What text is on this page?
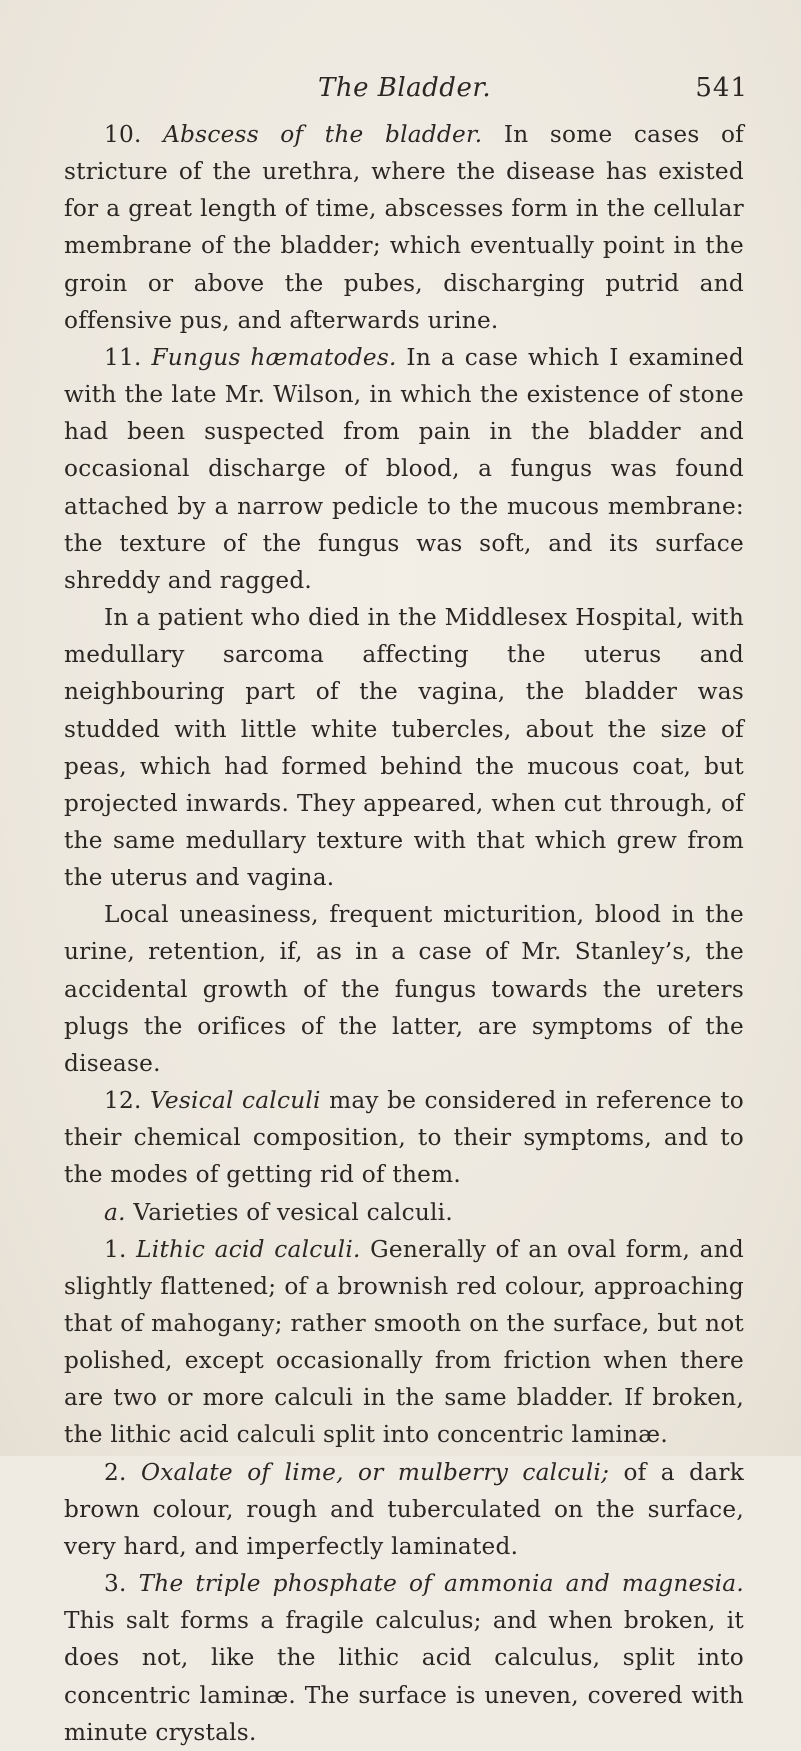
The Bladder.	541

10. Abscess of the bladder. In some cases of stricture of the urethra, where the disease has existed for a great length of time, abscesses form in the cellular membrane of the bladder; which eventually point in the groin or above the pubes, discharging putrid and offensive pus, and afterwards urine.

11. Fungus hæmatodes. In a case which I examined with the late Mr. Wilson, in which the existence of stone had been suspected from pain in the bladder and occasional discharge of blood, a fungus was found attached by a narrow pedicle to the mucous membrane: the texture of the fungus was soft, and its surface shreddy and ragged.

In a patient who died in the Middlesex Hospital, with medullary sarcoma affecting the uterus and neighbouring part of the vagina, the bladder was studded with little white tubercles, about the size of peas, which had formed behind the mucous coat, but projected inwards. They appeared, when cut through, of the same medullary texture with that which grew from the uterus and vagina.

Local uneasiness, frequent micturition, blood in the urine, retention, if, as in a case of Mr. Stanley’s, the accidental growth of the fungus towards the ureters plugs the orifices of the latter, are symptoms of the disease.

12. Vesical calculi may be considered in reference to their chemical composition, to their symptoms, and to the modes of getting rid of them.

a. Varieties of vesical calculi.

1. Lithic acid calculi. Generally of an oval form, and slightly flattened; of a brownish red colour, approaching that of mahogany; rather smooth on the surface, but not polished, except occasionally from friction when there are two or more calculi in the same bladder. If broken, the lithic acid calculi split into concentric laminæ.

2. Oxalate of lime, or mulberry calculi; of a dark brown colour, rough and tuberculated on the surface, very hard, and imperfectly laminated.

3. The triple phosphate of ammonia and magnesia. This salt forms a fragile calculus; and when broken, it does not, like the lithic acid calculus, split into concentric laminæ. The surface is uneven, covered with minute crystals.
